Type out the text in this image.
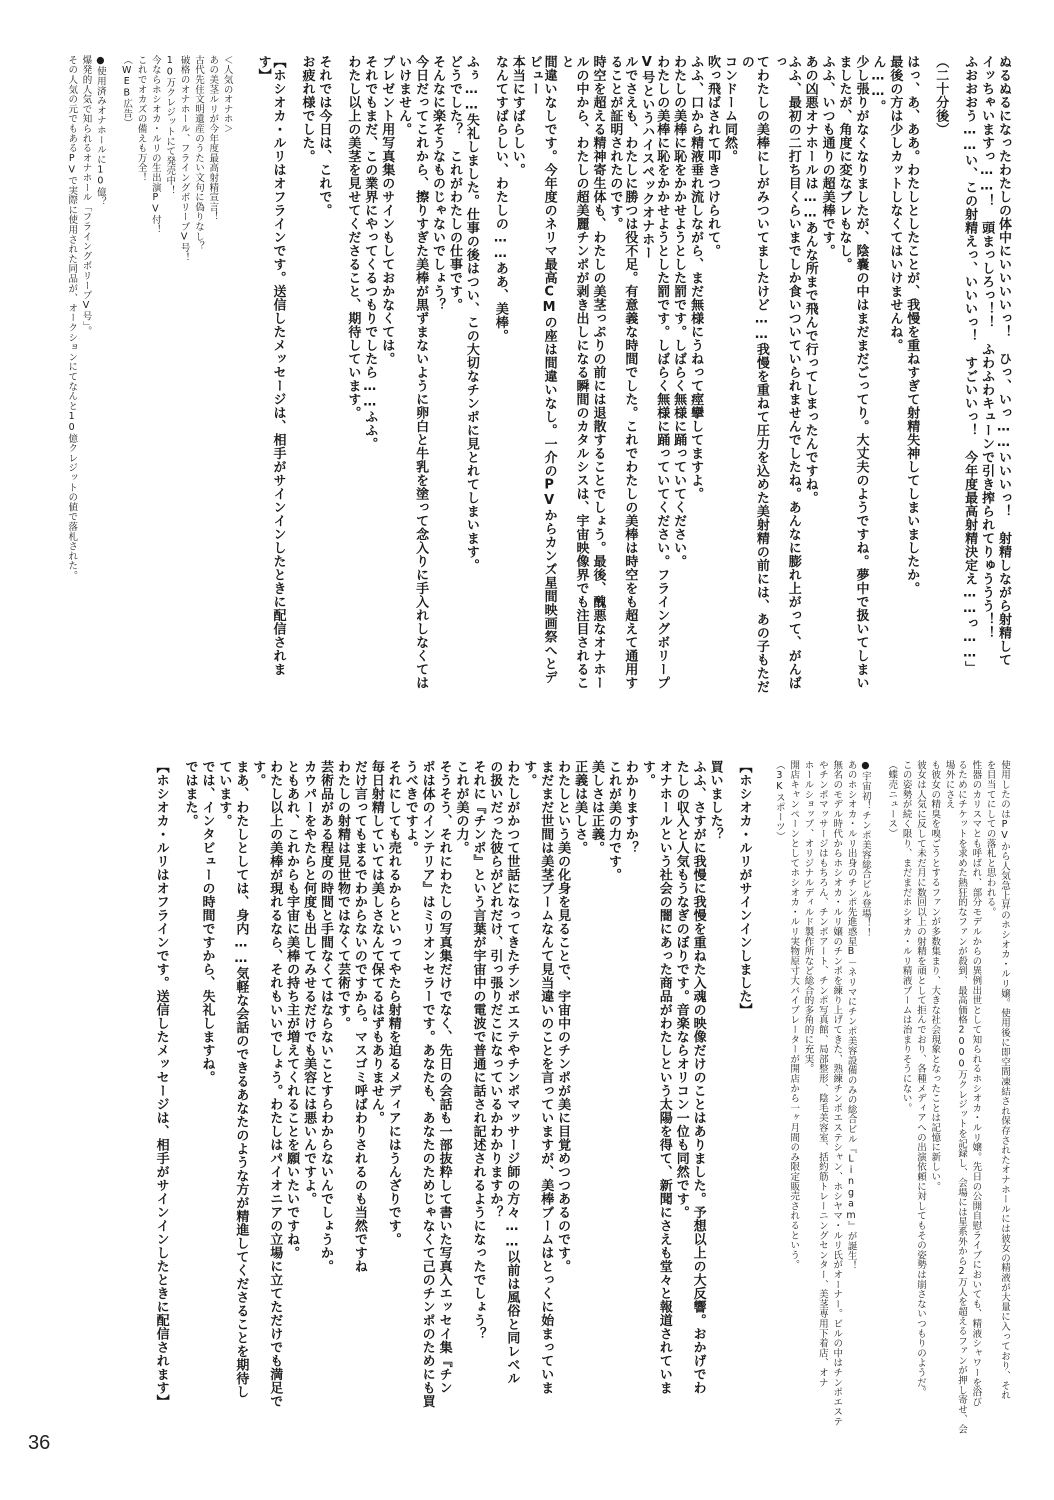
ぬるぬるになったわたしの体中にいいいいっ！　ひっ、いっ……いいいっ！　射精しながら射精して
イッちゃいますっ……！　頭まっしろっ！！　ふわふわキューンで引き搾られてりゅううう！！
ふおおおう……い、この射精えっ、いいいっ！　すごいいっ！　今年度最高射精決定え……っ……」
（二十分後）
はっ、あ、ああ。わたしとしたことが、我慢を重ねすぎて射精失神してしまいましたか。
最後の方は少しカットしなくてはいけませんね。
ん……。
少し張りがなくなりましたが、陰嚢の中はまだまだごってり。大丈夫のようですね。夢中で扱いてしまい
ましたが、角度に変なブレもなし。
ふふ、いつも通りの超美棒です。
あの凶悪オナホールは……あんな所まで飛んで行ってしまったんですね。
ふふ、最初の二打ち目くらいまでしか食いついていられませんでしたね。あんなに膨れ上がって、がんばっ
てわたしの美棒にしがみついてましたけど……我慢を重ねて圧力を込めた美射精の前には、あの子もただの
コンドーム同然。
吹っ飛ばされて叩きつけられて。
ふふ、口から精液垂れ流しながら、まだ無様にうねって痙攣してますよ。
わたしの美棒に恥をかかせようとした罰です。しばらく無様に踊っていてください。
わたしの美棒に恥をかかせようとした罰です。しばらく無様に踊っていてください。フライングボリープV号というハイスペックオナホー
ルでさえも、わたしに勝つは役不足。有意義な時間でした。これでわたしの美棒は時空をも超えて通用することが証明されたのです。
時空を超える精神寄生体も、わたしの美茎っぷりの前には退散することでしょう。最後、醜悪なオナホー
ルの中から、わたしの超美麗チンポが剥き出しになる瞬間のカタルシスは、宇宙映像界でも注目されること
間違いなしです。今年度のネリマ最高CMの座は間違いなし。一介のPVからカンズ星間映画祭へとデビュー
本当にすばらしい。
なんてすばらしい、わたしの……ああ、美棒。
ふぅ……失礼しました。仕事の後はつい、この大切なチンポに見とれてしまいます。
どうでした？　これがわたしの仕事です。
そんなに楽そうなものじゃないでしょう？
今日だってこれから、擦りすぎた美棒が黒ずまないように卵白と牛乳を塗って念入りに手入れしなくては
いけません。
プレゼント用写真集のサインもしておかなくては。
それでもまだ、この業界にやってくるつもりでしたら……ふふ。
わたし以上の美茎を見せてくださること、期待しています。
それでは今日は、これで。
お疲れ様でした。
【ホシオカ・ルリはオフラインです。送信したメッセージは、相手がサインインしたときに配信されます】
＜人気のオナホ＞
あの美茎ルリが今年度最高射精宣言！
古代先住文明遺産のうたい文句に偽りなし？
破格のオナホール、フライングボリープV号！
10万クレジットにて発売中！
今ならホシオカ・ルリの生出演PV付！
これでオカズの備えも万全！
（WEB広告）
●使用済みオナホールに10億？
爆発的人気で知られるオナホール「フライングボリープV号」。
その人気の元でもあるPVで実際に使用された同品が、オークションにてなんと10億クレジットの値で落札された。
使用したのはPVから人気急上昇のホシオカ・ルリ嬢。使用後に即空間凍結され保存されたオナホールには彼女の精液が大量に入っており、それ
を目当てにしての落札と思われる。
性器のカリスマとも呼ばれ、部分モデルからの異例出世として知られるホシオカ・ルリ嬢。先日の公開自慰ライブにおいても、精液シャワーを浴び
るためにチケットを求めた熱狂的なファンが殺到、最高価格2000万クレジットを記録し、会場には星系外から2万人を超えるファンが押し寄せ、会場外にさえ
も彼女の精臭を嗅ごうとするファンが多数集まり、大きな社会現象となったことは記憶に新しい。
彼女は人気に反して未だ月に数回以上の射精を頑として拒んでおり、各種メディアへの出演依頼に対してもその姿勢は崩さないつもりのようだ。
この姿勢が続く限り、まだまだホシオカ・ルリ精液ブームは治まりそうにない。
（蝶売ニュース）
●宇宙初！チンポ美容総合ビル登場！！
あのホシオカ・ルリ出身のチンポ先進惑星B－ネリマにチンポ美容設備のみの総合ビル『Lingam』が誕生！
無名のモデル時代からホシオカ・ルリ嬢のチンポを練り上げてきた、熟練チンポエステシャン、ホシヤマ・ルリ氏がオーナー。ビルの中はチンポエステ
やチンポマッサージはもちろん、チンポアート、チンポ写真館、局部整形、陰毛美容室、括約筋トレーニングセンター、美茎専用下着店、オナ
ホールショップ、オリジナルディルド製作所など総合的多角的に充実。
開店キャンペーンとしてホシオカ・ルリ実物原寸大バイブレーターが開店から一ヶ月間のみ限定販売されるという。
（3Kスポーツ）
【ホシオカ・ルリがサインインしました】
買いました？
ふふ、さすがに我慢に我慢を重ねた入魂の映像だけのことはありました。予想以上の大反響。おかげでわ
たしの収入と人気もうなぎのぼりです。音楽ならオリコン一位も同然です。
オナホールという社会の闇にあった商品がわたしという太陽を得て、新聞にさえも堂々と報道されていま
す。
わかりますか？
これが美の力です。
美しさは正義。
正義は美しさ。
わたしという美の化身を見ることで、宇宙中のチンポが美に目覚めつつあるのです。
まだまだ世間は美茎ブームなんて見当違いのことを言っていますが、美棒ブームはとっくに始まっていま
す。
わたしがかつて世話になってきたチンポエステやチンポマッサージ師の方々……以前は風俗と同レベル
の扱いだった彼らがどれだけ、引っ張りだこになっているかわかりますか？
それに『チンポ』という言葉が宇宙中の電波で普通に話され記述されるようになったでしょう？
これが美の力。
そうそう、それにわたしの写真集だけでなく、先日の会話も一部抜粋して書いた写真入エッセイ集『チン
ポは体のインテリア』はミリオンセラーです。あなたも、あなたのためじゃなくて己のチンポのためにも買
うべきですよ。
それにしても売れるからといってやたら射精を迫るメディアにはうんざりです。
毎日射精していては美しさなんて保てるはずもありません。
だけ言ってもまるでわからないのですから。マスゴミ呼ばわりされるのも当然ですね
わたしの射精は見世物ではなくて芸術です。
芸術品がある程度の時間と手間なくてはならないことすらわからないんでしょうか。
カウパーをやたらと何度も出してみせるだけでも美容には悪いんですよ。
ともあれ、これからも宇宙に美棒の持ち主が増えてくれることを願いたいですね。
わたし以上の美棒が現れるなら、それもいいでしょう。わたしはパイオニアの立場に立てただけでも満足で
す。
まあ、わたしとしては、身内……気軽な会話のできるあなたのような方が精進してくださることを期待し
ています。
では、インタビューの時間ですから、失礼しますね。
ではまた。
【ホシオカ・ルリはオフラインです。送信したメッセージは、相手がサインインしたときに配信されます】
36
